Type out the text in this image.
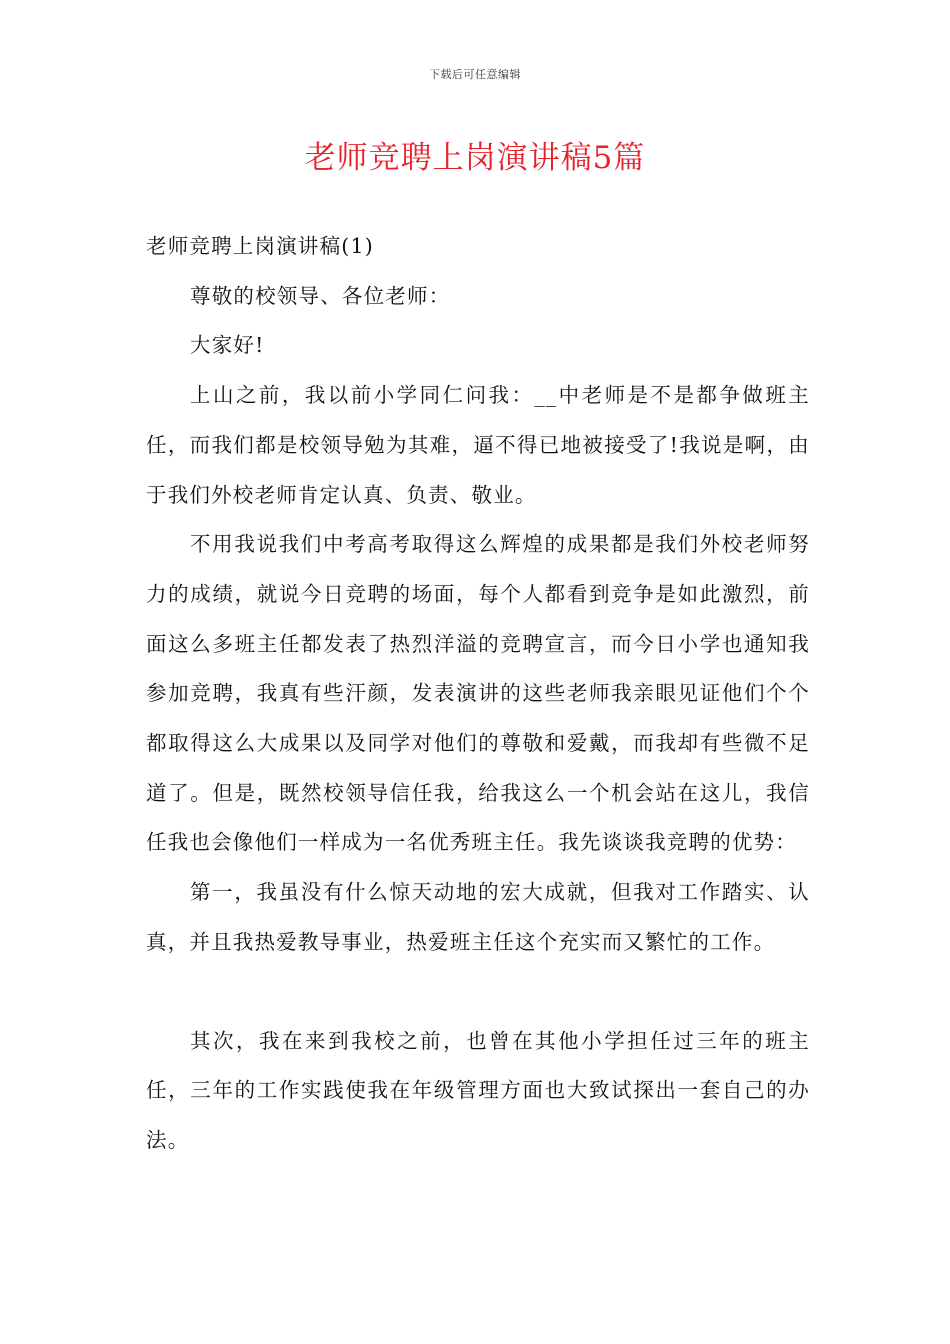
下载后可任意编辑
老师竞聘上岗演讲稿5篇

老师竞聘上岗演讲稿(1)

尊敬的校领导、各位老师：

大家好!

上山之前，我以前小学同仁问我：__中老师是不是都争做班主任，而我们都是校领导勉为其难，逼不得已地被接受了!我说是啊，由于我们外校老师肯定认真、负责、敬业。

不用我说我们中考高考取得这么辉煌的成果都是我们外校老师努力的成绩，就说今日竞聘的场面，每个人都看到竞争是如此激烈，前面这么多班主任都发表了热烈洋溢的竞聘宣言，而今日小学也通知我参加竞聘，我真有些汗颜，发表演讲的这些老师我亲眼见证他们个个都取得这么大成果以及同学对他们的尊敬和爱戴，而我却有些微不足道了。但是，既然校领导信任我，给我这么一个机会站在这儿，我信任我也会像他们一样成为一名优秀班主任。我先谈谈我竞聘的优势：

第一，我虽没有什么惊天动地的宏大成就，但我对工作踏实、认真，并且我热爱教导事业，热爱班主任这个充实而又繁忙的工作。

其次，我在来到我校之前，也曾在其他小学担任过三年的班主任，三年的工作实践使我在年级管理方面也大致试探出一套自己的办法。
